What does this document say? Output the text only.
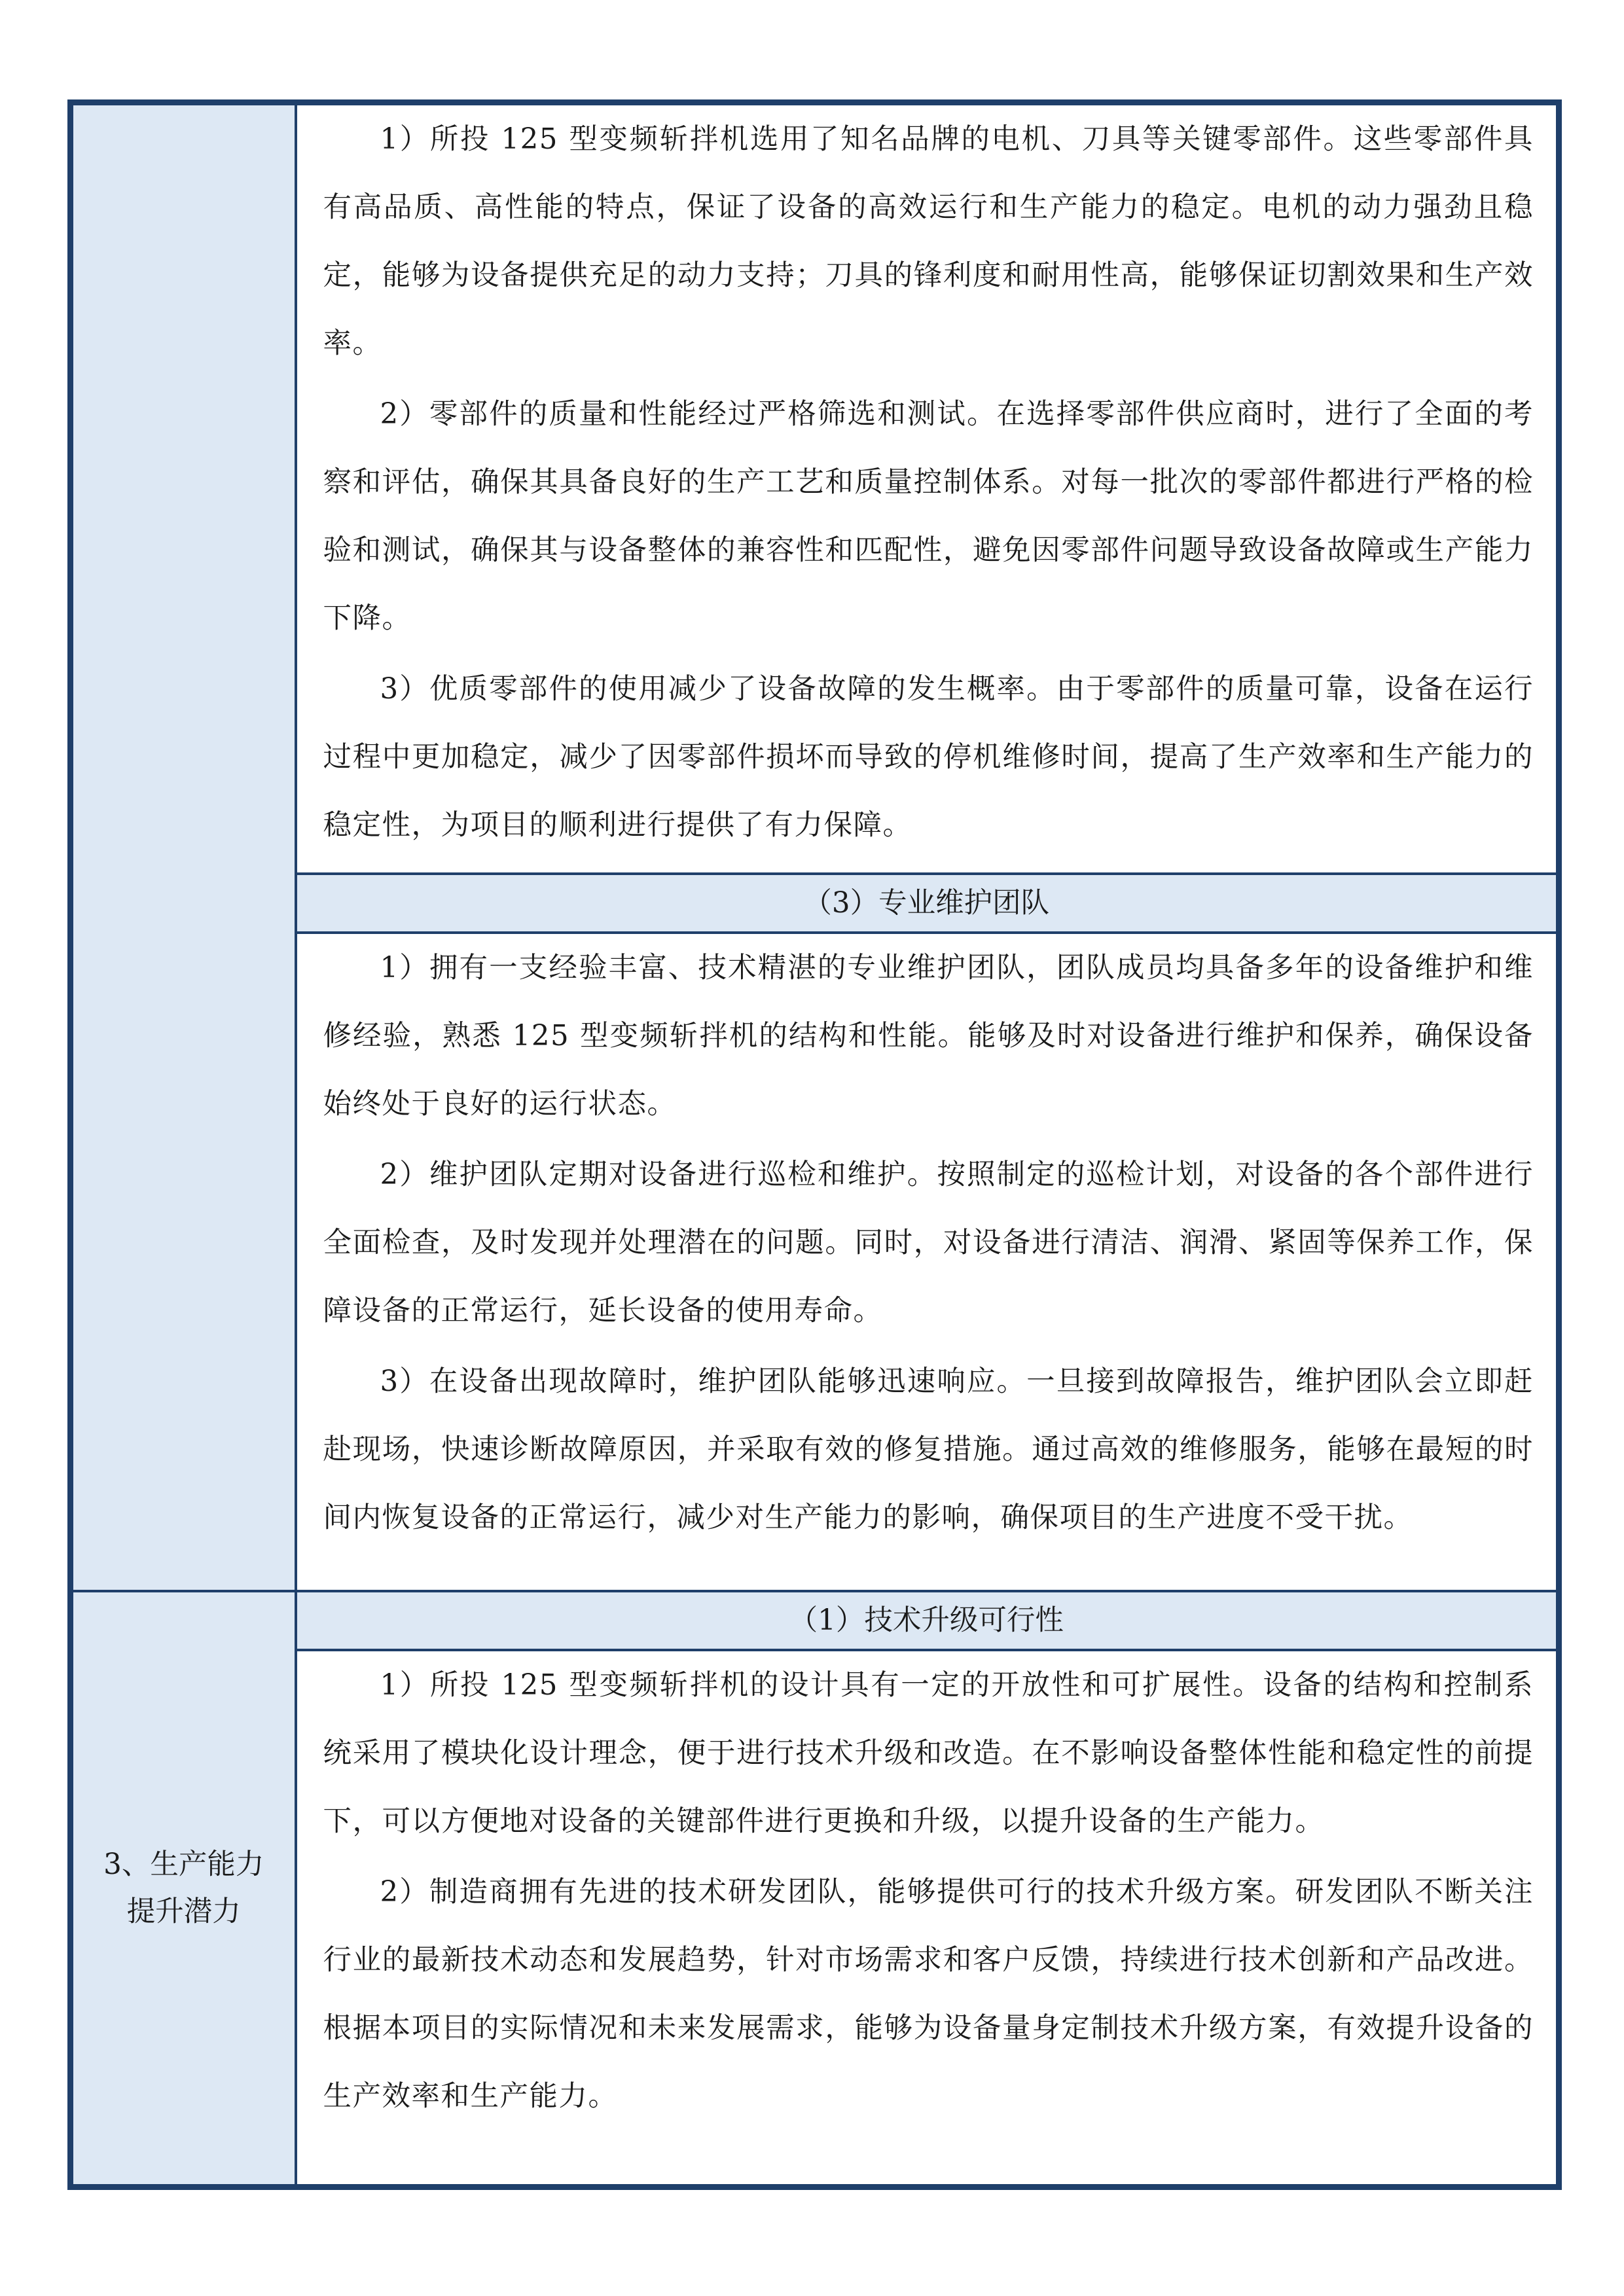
	1）所投 125 型变频斩拌机选用了知名品牌的电机、刀具等关键零部件。这些零部件具有高品质、高性能的特点，保证了设备的高效运行和生产能力的稳定。电机的动力强劲且稳定，能够为设备提供充足的动力支持；刀具的锋利度和耐用性高，能够保证切割效果和生产效率。

2）零部件的质量和性能经过严格筛选和测试。在选择零部件供应商时，进行了全面的考察和评估，确保其具备良好的生产工艺和质量控制体系。对每一批次的零部件都进行严格的检验和测试，确保其与设备整体的兼容性和匹配性，避免因零部件问题导致设备故障或生产能力下降。

3）优质零部件的使用减少了设备故障的发生概率。由于零部件的质量可靠，设备在运行过程中更加稳定，减少了因零部件损坏而导致的停机维修时间，提高了生产效率和生产能力的稳定性，为项目的顺利进行提供了有力保障。

	（3）专业维护团队

	1）拥有一支经验丰富、技术精湛的专业维护团队，团队成员均具备多年的设备维护和维修经验，熟悉 125 型变频斩拌机的结构和性能。能够及时对设备进行维护和保养，确保设备始终处于良好的运行状态。

2）维护团队定期对设备进行巡检和维护。按照制定的巡检计划，对设备的各个部件进行全面检查，及时发现并处理潜在的问题。同时，对设备进行清洁、润滑、紧固等保养工作，保障设备的正常运行，延长设备的使用寿命。

3）在设备出现故障时，维护团队能够迅速响应。一旦接到故障报告，维护团队会立即赶赴现场，快速诊断故障原因，并采取有效的修复措施。通过高效的维修服务，能够在最短的时间内恢复设备的正常运行，减少对生产能力的影响，确保项目的生产进度不受干扰。

3、生产能力提升潜力	（1）技术升级可行性

	1）所投 125 型变频斩拌机的设计具有一定的开放性和可扩展性。设备的结构和控制系统采用了模块化设计理念，便于进行技术升级和改造。在不影响设备整体性能和稳定性的前提下，可以方便地对设备的关键部件进行更换和升级，以提升设备的生产能力。

2）制造商拥有先进的技术研发团队，能够提供可行的技术升级方案。研发团队不断关注行业的最新技术动态和发展趋势，针对市场需求和客户反馈，持续进行技术创新和产品改进。根据本项目的实际情况和未来发展需求，能够为设备量身定制技术升级方案，有效提升设备的生产效率和生产能力。
